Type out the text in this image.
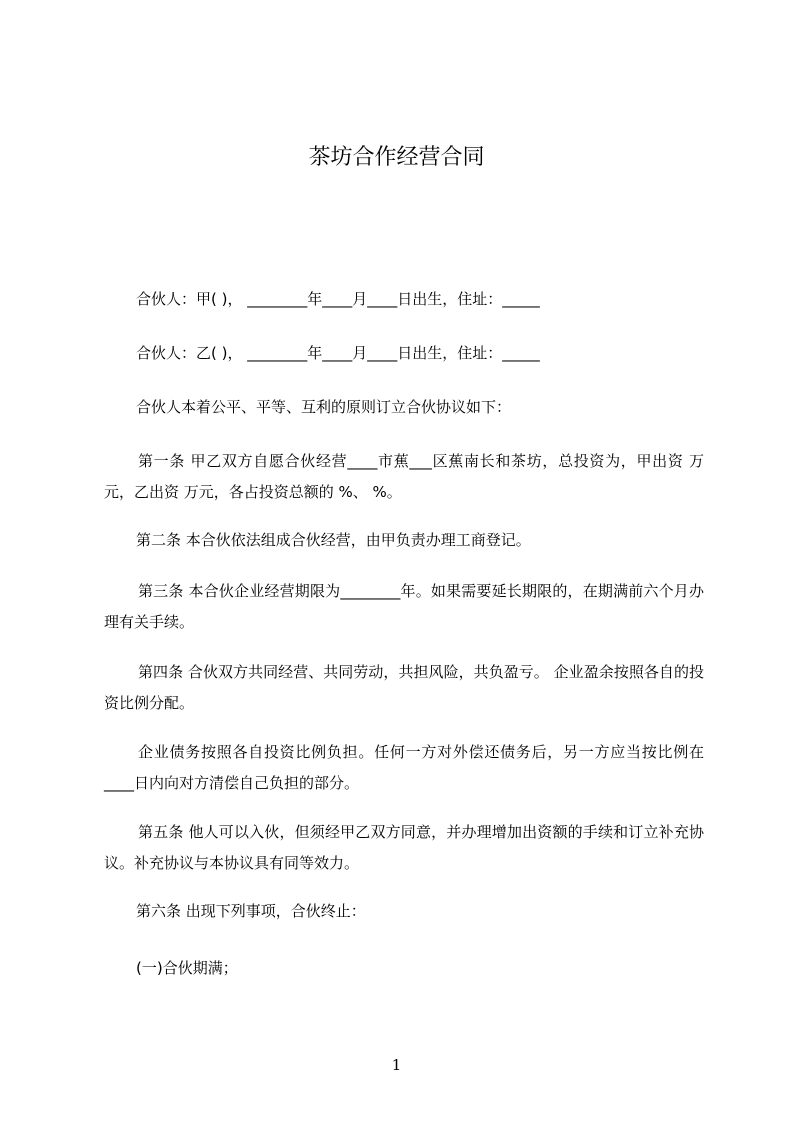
茶坊合作经营合同

合伙人：甲( )， ________年____月____日出生，住址：_____

合伙人：乙( )， ________年____月____日出生，住址：_____

合伙人本着公平、平等、互利的原则订立合伙协议如下：

第一条 甲乙双方自愿合伙经营____市蕉___区蕉南长和茶坊，总投资为，甲出资 万元，乙出资 万元，各占投资总额的 %、 %。

第二条 本合伙依法组成合伙经营，由甲负责办理工商登记。

第三条 本合伙企业经营期限为________年。如果需要延长期限的，在期满前六个月办理有关手续。

第四条 合伙双方共同经营、共同劳动，共担风险，共负盈亏。 企业盈余按照各自的投资比例分配。

企业债务按照各自投资比例负担。任何一方对外偿还债务后，另一方应当按比例在____日内向对方清偿自己负担的部分。

第五条 他人可以入伙，但须经甲乙双方同意，并办理增加出资额的手续和订立补充协议。补充协议与本协议具有同等效力。

第六条 出现下列事项，合伙终止：

(一)合伙期满；

1
